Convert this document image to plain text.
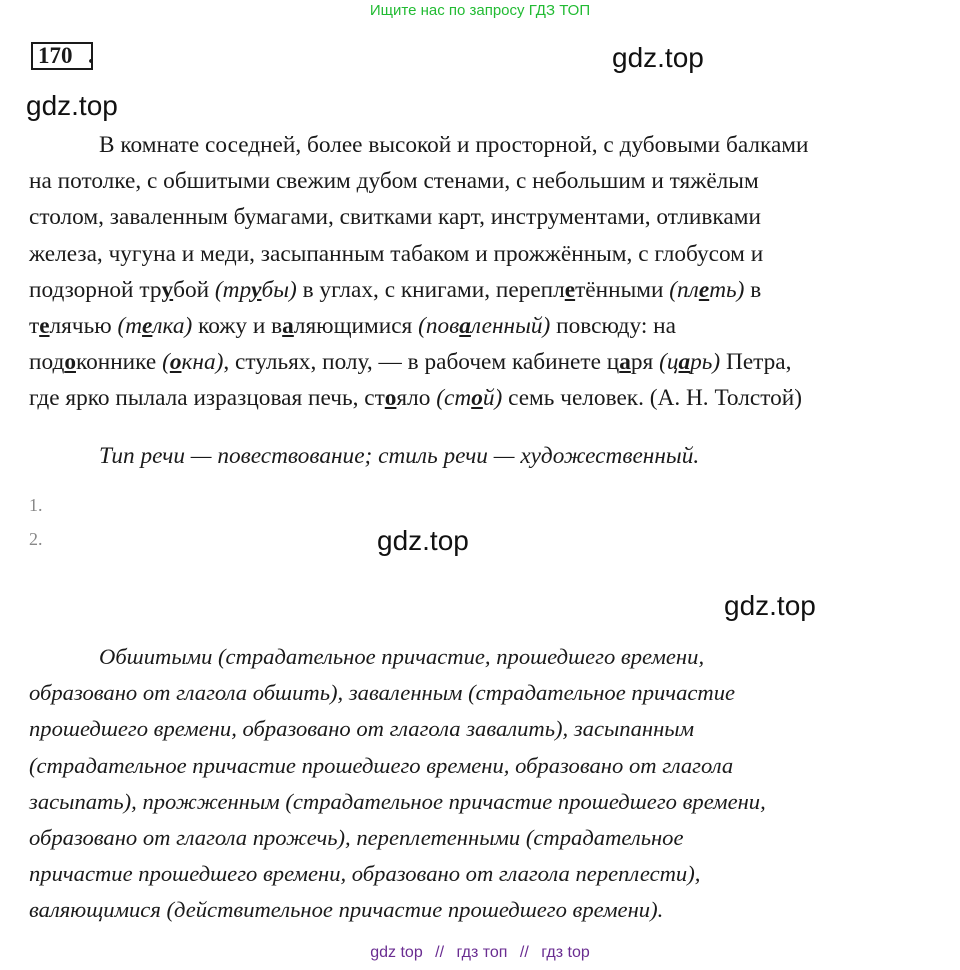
Ищите нас по запросу ГДЗ ТОП
170 .	gdz.top
gdz.top
В комнате соседней, более высокой и просторной, с дубовыми балками
на потолке, с обшитыми свежим дубом стенами, с небольшим и тяжёлым
столом, заваленным бумагами, свитками карт, инструментами, отливками
железа, чугуна и меди, засыпанным табаком и прожжённым, с глобусом и
подзорной трубой (трубы) в углах, с книгами, переплетёнными (плеть) в
телячью (телка) кожу и валяющимися (поваленный) повсюду: на
подоконнике (окна), стульях, полу, — в рабочем кабинете царя (царь) Петра,
где ярко пылала изразцовая печь, стояло (стой) семь человек. (А. Н. Толстой)
Тип речи — повествование; стиль речи — художественный.
1.
2.	gdz.top
gdz.top
Обшитыми (страдательное причастие, прошедшего времени,
образовано от глагола обшить), заваленным (страдательное причастие
прошедшего времени, образовано от глагола завалить), засыпанным
(страдательное причастие прошедшего времени, образовано от глагола
засыпать), прожженным (страдательное причастие прошедшего времени,
образовано от глагола прожечь), переплетенными (страдательное
причастие прошедшего времени, образовано от глагола переплести),
валяющимися (действительное причастие прошедшего времени).
gdz top // гдз топ // гдз top
